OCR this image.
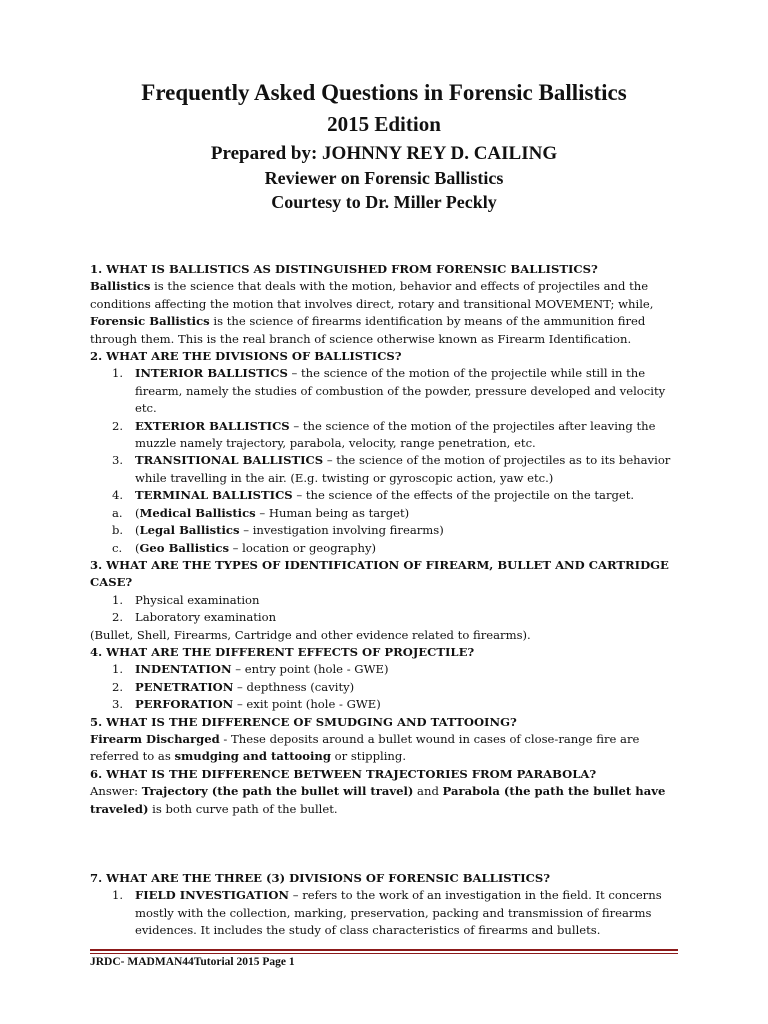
Frequently Asked Questions in Forensic Ballistics
2015 Edition
Prepared by: JOHNNY REY D. CAILING
Reviewer on Forensic Ballistics
Courtesy to Dr. Miller Peckly
1. WHAT IS BALLISTICS AS DISTINGUISHED FROM FORENSIC BALLISTICS?

Ballistics is the science that deals with the motion, behavior and effects of projectiles and the conditions affecting the motion that involves direct, rotary and transitional MOVEMENT; while, Forensic Ballistics is the science of firearms identification by means of the ammunition fired through them. This is the real branch of science otherwise known as Firearm Identification.

2. WHAT ARE THE DIVISIONS OF BALLISTICS?
1.	INTERIOR BALLISTICS – the science of the motion of the projectile while still in the firearm, namely the studies of combustion of the powder, pressure developed and velocity etc.
2.	EXTERIOR BALLISTICS – the science of the motion of the projectiles after leaving the muzzle namely trajectory, parabola, velocity, range penetration, etc.
3.	TRANSITIONAL BALLISTICS – the science of the motion of projectiles as to its behavior while travelling in the air. (E.g. twisting or gyroscopic action, yaw etc.)
4.	TERMINAL BALLISTICS – the science of the effects of the projectile on the target.
a.	(Medical Ballistics – Human being as target)
b.	(Legal Ballistics – investigation involving firearms)
c.	(Geo Ballistics – location or geography)
3. WHAT ARE THE TYPES OF IDENTIFICATION OF FIREARM, BULLET AND CARTRIDGE CASE?
1.	Physical examination
2.	Laboratory examination

(Bullet, Shell, Firearms, Cartridge and other evidence related to firearms).

4. WHAT ARE THE DIFFERENT EFFECTS OF PROJECTILE?
1.	INDENTATION – entry point (hole - GWE)
2.	PENETRATION – depthness (cavity)
3.	PERFORATION – exit point (hole - GWE)
5. WHAT IS THE DIFFERENCE OF SMUDGING AND TATTOOING?

Firearm Discharged - These deposits around a bullet wound in cases of close-range fire are referred to as smudging and tattooing or stippling.

6. WHAT IS THE DIFFERENCE BETWEEN TRAJECTORIES FROM PARABOLA?

Answer: Trajectory (the path the bullet will travel) and Parabola (the path the bullet have traveled) is both curve path of the bullet.

7. WHAT ARE THE THREE (3) DIVISIONS OF FORENSIC BALLISTICS?
1.	FIELD INVESTIGATION – refers to the work of an investigation in the field. It concerns mostly with the collection, marking, preservation, packing and transmission of firearms evidences. It includes the study of class characteristics of firearms and bullets.
JRDC- MADMAN44Tutorial 2015 Page 1
